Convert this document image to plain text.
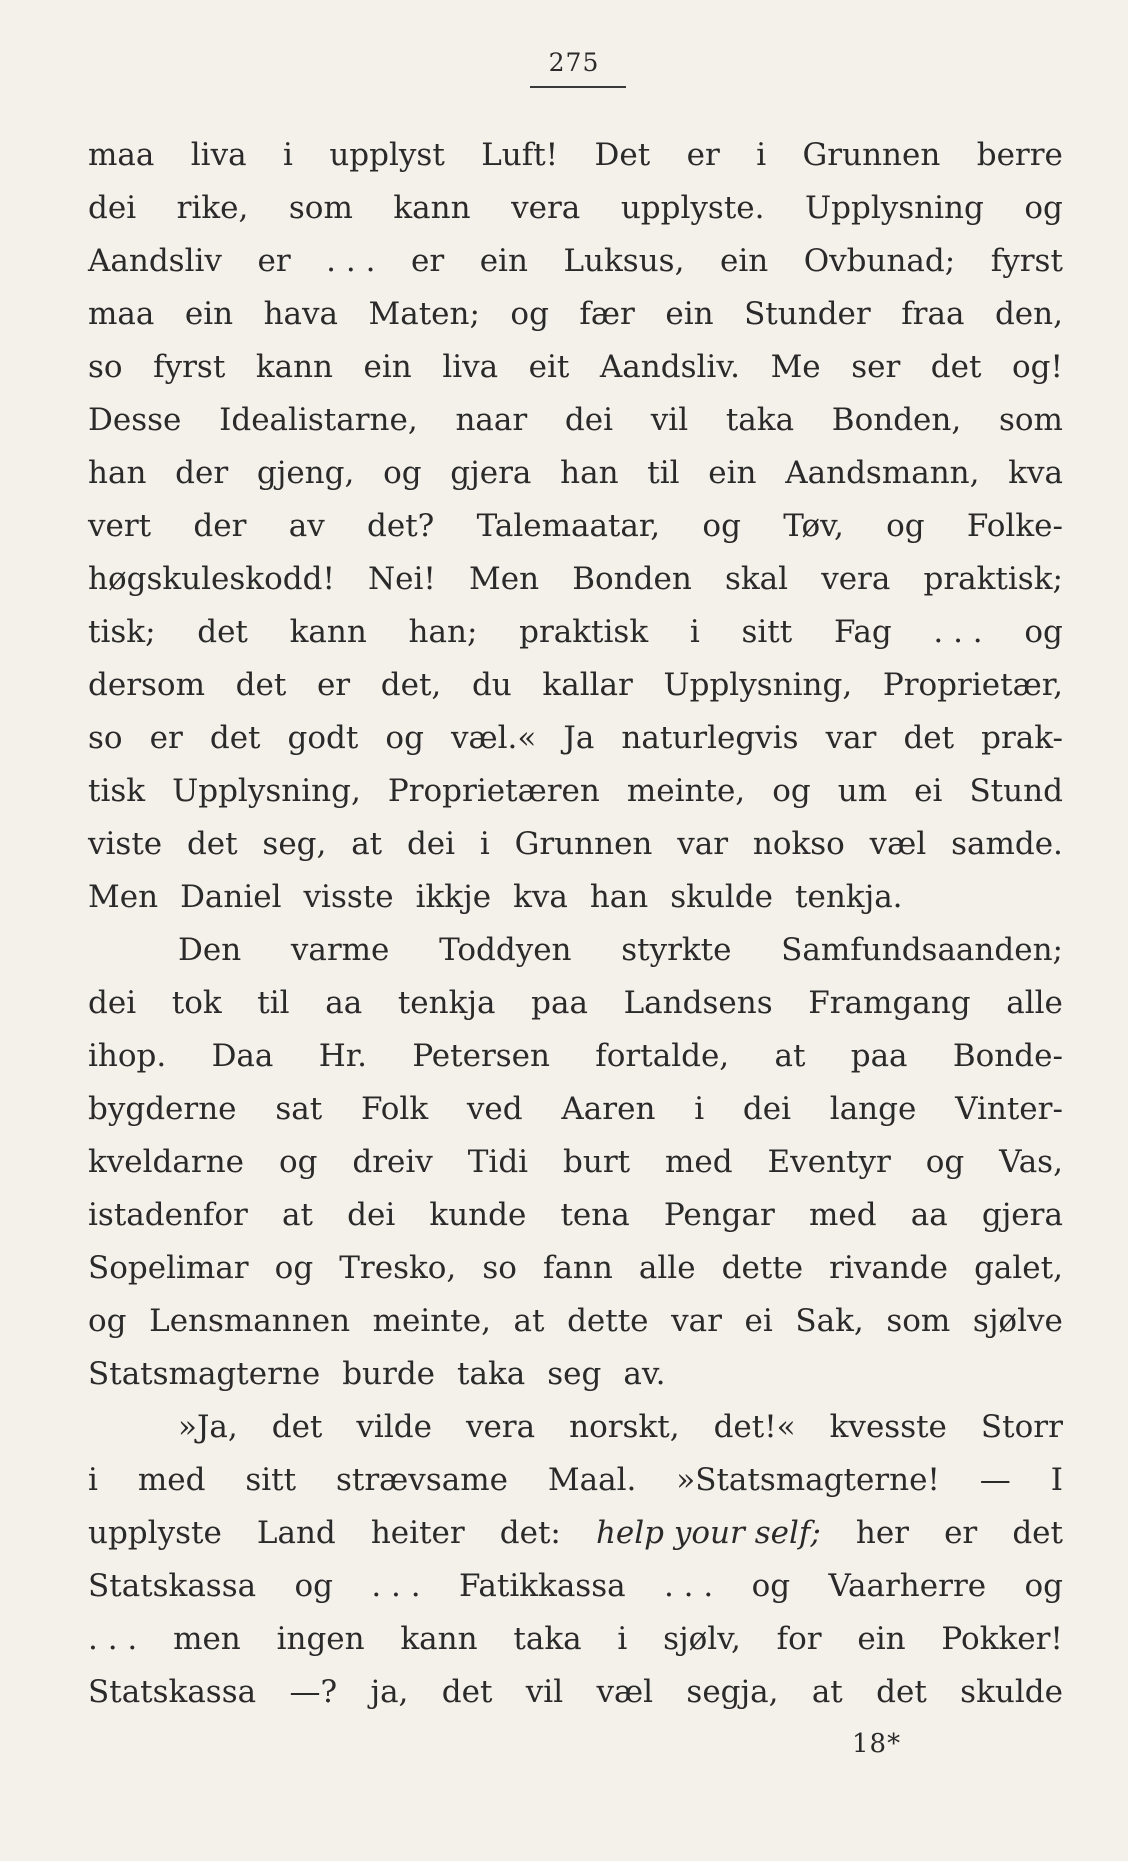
275
maa liva i upplyst Luft! Det er i Grunnen berre
dei rike, som kann vera upplyste. Upplysning og
Aandsliv er . . . er ein Luksus, ein Ovbunad; fyrst
maa ein hava Maten; og fær ein Stunder fraa den,
so fyrst kann ein liva eit Aandsliv. Me ser det og!
Desse Idealistarne, naar dei vil taka Bonden, som
han der gjeng, og gjera han til ein Aandsmann, kva
vert der av det? Talemaatar, og Tøv, og Folke-
høgskuleskodd! Nei! Men Bonden skal vera praktisk;
tisk; det kann han; praktisk i sitt Fag . . . og
dersom det er det, du kallar Upplysning, Proprietær,
so er det godt og væl.« Ja naturlegvis var det prak-
tisk Upplysning, Proprietæren meinte, og um ei Stund
viste det seg, at dei i Grunnen var nokso væl samde.
Men Daniel visste ikkje kva han skulde tenkja.
Den varme Toddyen styrkte Samfundsaanden;
dei tok til aa tenkja paa Landsens Framgang alle
ihop. Daa Hr. Petersen fortalde, at paa Bonde-
bygderne sat Folk ved Aaren i dei lange Vinter-
kveldarne og dreiv Tidi burt med Eventyr og Vas,
istadenfor at dei kunde tena Pengar med aa gjera
Sopelimar og Tresko, so fann alle dette rivande galet,
og Lensmannen meinte, at dette var ei Sak, som sjølve
Statsmagterne burde taka seg av.
»Ja, det vilde vera norskt, det!« kvesste Storr
i med sitt strævsame Maal. »Statsmagterne! — I
upplyste Land heiter det: help your self; her er det
Statskassa og . . . Fatikkassa . . . og Vaarherre og
. . . men ingen kann taka i sjølv, for ein Pokker!
Statskassa —? ja, det vil væl segja, at det skulde
18*
